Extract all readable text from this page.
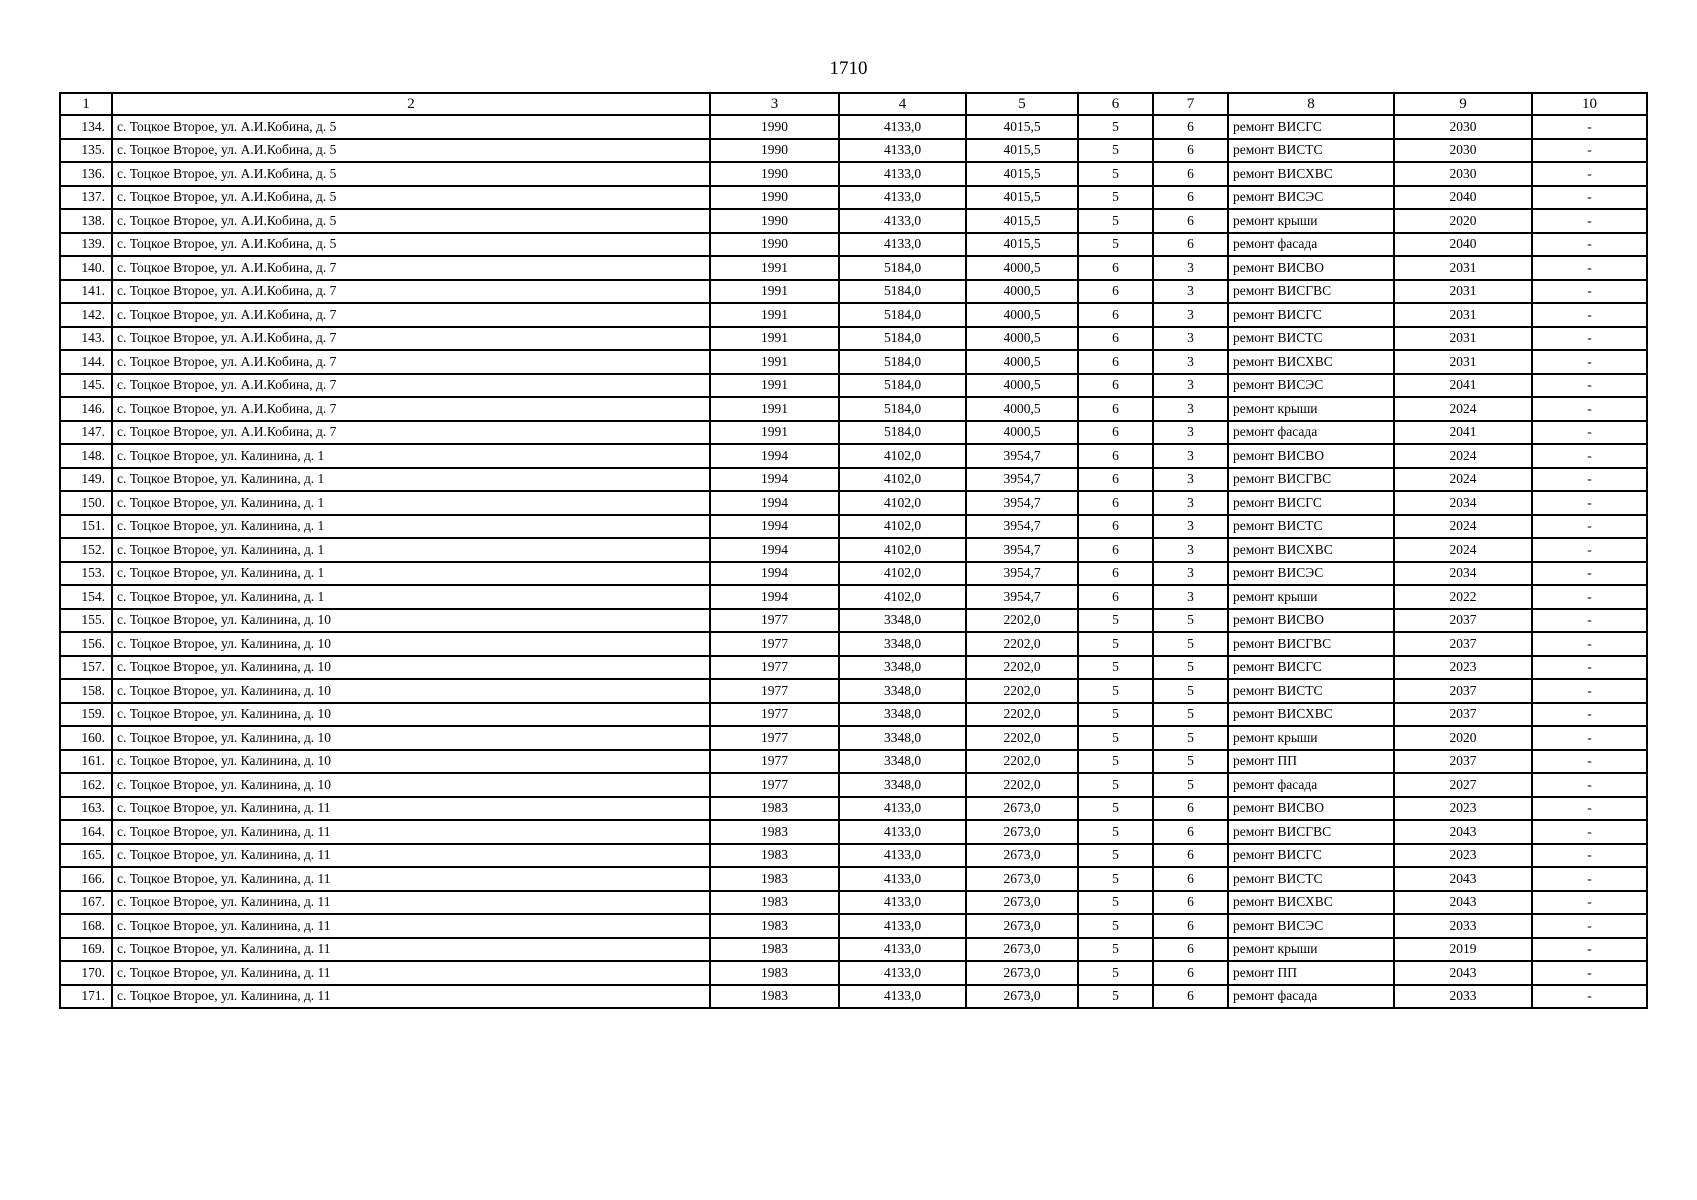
1710
1	2	3	4	5	6	7	8	9	10
134.	с. Тоцкое Второе, ул. А.И.Кобина, д. 5	1990	4133,0	4015,5	5	6	ремонт ВИСГС	2030	-
135.	с. Тоцкое Второе, ул. А.И.Кобина, д. 5	1990	4133,0	4015,5	5	6	ремонт ВИСТС	2030	-
136.	с. Тоцкое Второе, ул. А.И.Кобина, д. 5	1990	4133,0	4015,5	5	6	ремонт ВИСХВС	2030	-
137.	с. Тоцкое Второе, ул. А.И.Кобина, д. 5	1990	4133,0	4015,5	5	6	ремонт ВИСЭС	2040	-
138.	с. Тоцкое Второе, ул. А.И.Кобина, д. 5	1990	4133,0	4015,5	5	6	ремонт крыши	2020	-
139.	с. Тоцкое Второе, ул. А.И.Кобина, д. 5	1990	4133,0	4015,5	5	6	ремонт фасада	2040	-
140.	с. Тоцкое Второе, ул. А.И.Кобина, д. 7	1991	5184,0	4000,5	6	3	ремонт ВИСВО	2031	-
141.	с. Тоцкое Второе, ул. А.И.Кобина, д. 7	1991	5184,0	4000,5	6	3	ремонт ВИСГВС	2031	-
142.	с. Тоцкое Второе, ул. А.И.Кобина, д. 7	1991	5184,0	4000,5	6	3	ремонт ВИСГС	2031	-
143.	с. Тоцкое Второе, ул. А.И.Кобина, д. 7	1991	5184,0	4000,5	6	3	ремонт ВИСТС	2031	-
144.	с. Тоцкое Второе, ул. А.И.Кобина, д. 7	1991	5184,0	4000,5	6	3	ремонт ВИСХВС	2031	-
145.	с. Тоцкое Второе, ул. А.И.Кобина, д. 7	1991	5184,0	4000,5	6	3	ремонт ВИСЭС	2041	-
146.	с. Тоцкое Второе, ул. А.И.Кобина, д. 7	1991	5184,0	4000,5	6	3	ремонт крыши	2024	-
147.	с. Тоцкое Второе, ул. А.И.Кобина, д. 7	1991	5184,0	4000,5	6	3	ремонт фасада	2041	-
148.	с. Тоцкое Второе, ул. Калинина, д. 1	1994	4102,0	3954,7	6	3	ремонт ВИСВО	2024	-
149.	с. Тоцкое Второе, ул. Калинина, д. 1	1994	4102,0	3954,7	6	3	ремонт ВИСГВС	2024	-
150.	с. Тоцкое Второе, ул. Калинина, д. 1	1994	4102,0	3954,7	6	3	ремонт ВИСГС	2034	-
151.	с. Тоцкое Второе, ул. Калинина, д. 1	1994	4102,0	3954,7	6	3	ремонт ВИСТС	2024	-
152.	с. Тоцкое Второе, ул. Калинина, д. 1	1994	4102,0	3954,7	6	3	ремонт ВИСХВС	2024	-
153.	с. Тоцкое Второе, ул. Калинина, д. 1	1994	4102,0	3954,7	6	3	ремонт ВИСЭС	2034	-
154.	с. Тоцкое Второе, ул. Калинина, д. 1	1994	4102,0	3954,7	6	3	ремонт крыши	2022	-
155.	с. Тоцкое Второе, ул. Калинина, д. 10	1977	3348,0	2202,0	5	5	ремонт ВИСВО	2037	-
156.	с. Тоцкое Второе, ул. Калинина, д. 10	1977	3348,0	2202,0	5	5	ремонт ВИСГВС	2037	-
157.	с. Тоцкое Второе, ул. Калинина, д. 10	1977	3348,0	2202,0	5	5	ремонт ВИСГС	2023	-
158.	с. Тоцкое Второе, ул. Калинина, д. 10	1977	3348,0	2202,0	5	5	ремонт ВИСТС	2037	-
159.	с. Тоцкое Второе, ул. Калинина, д. 10	1977	3348,0	2202,0	5	5	ремонт ВИСХВС	2037	-
160.	с. Тоцкое Второе, ул. Калинина, д. 10	1977	3348,0	2202,0	5	5	ремонт крыши	2020	-
161.	с. Тоцкое Второе, ул. Калинина, д. 10	1977	3348,0	2202,0	5	5	ремонт ПП	2037	-
162.	с. Тоцкое Второе, ул. Калинина, д. 10	1977	3348,0	2202,0	5	5	ремонт фасада	2027	-
163.	с. Тоцкое Второе, ул. Калинина, д. 11	1983	4133,0	2673,0	5	6	ремонт ВИСВО	2023	-
164.	с. Тоцкое Второе, ул. Калинина, д. 11	1983	4133,0	2673,0	5	6	ремонт ВИСГВС	2043	-
165.	с. Тоцкое Второе, ул. Калинина, д. 11	1983	4133,0	2673,0	5	6	ремонт ВИСГС	2023	-
166.	с. Тоцкое Второе, ул. Калинина, д. 11	1983	4133,0	2673,0	5	6	ремонт ВИСТС	2043	-
167.	с. Тоцкое Второе, ул. Калинина, д. 11	1983	4133,0	2673,0	5	6	ремонт ВИСХВС	2043	-
168.	с. Тоцкое Второе, ул. Калинина, д. 11	1983	4133,0	2673,0	5	6	ремонт ВИСЭС	2033	-
169.	с. Тоцкое Второе, ул. Калинина, д. 11	1983	4133,0	2673,0	5	6	ремонт крыши	2019	-
170.	с. Тоцкое Второе, ул. Калинина, д. 11	1983	4133,0	2673,0	5	6	ремонт ПП	2043	-
171.	с. Тоцкое Второе, ул. Калинина, д. 11	1983	4133,0	2673,0	5	6	ремонт фасада	2033	-
